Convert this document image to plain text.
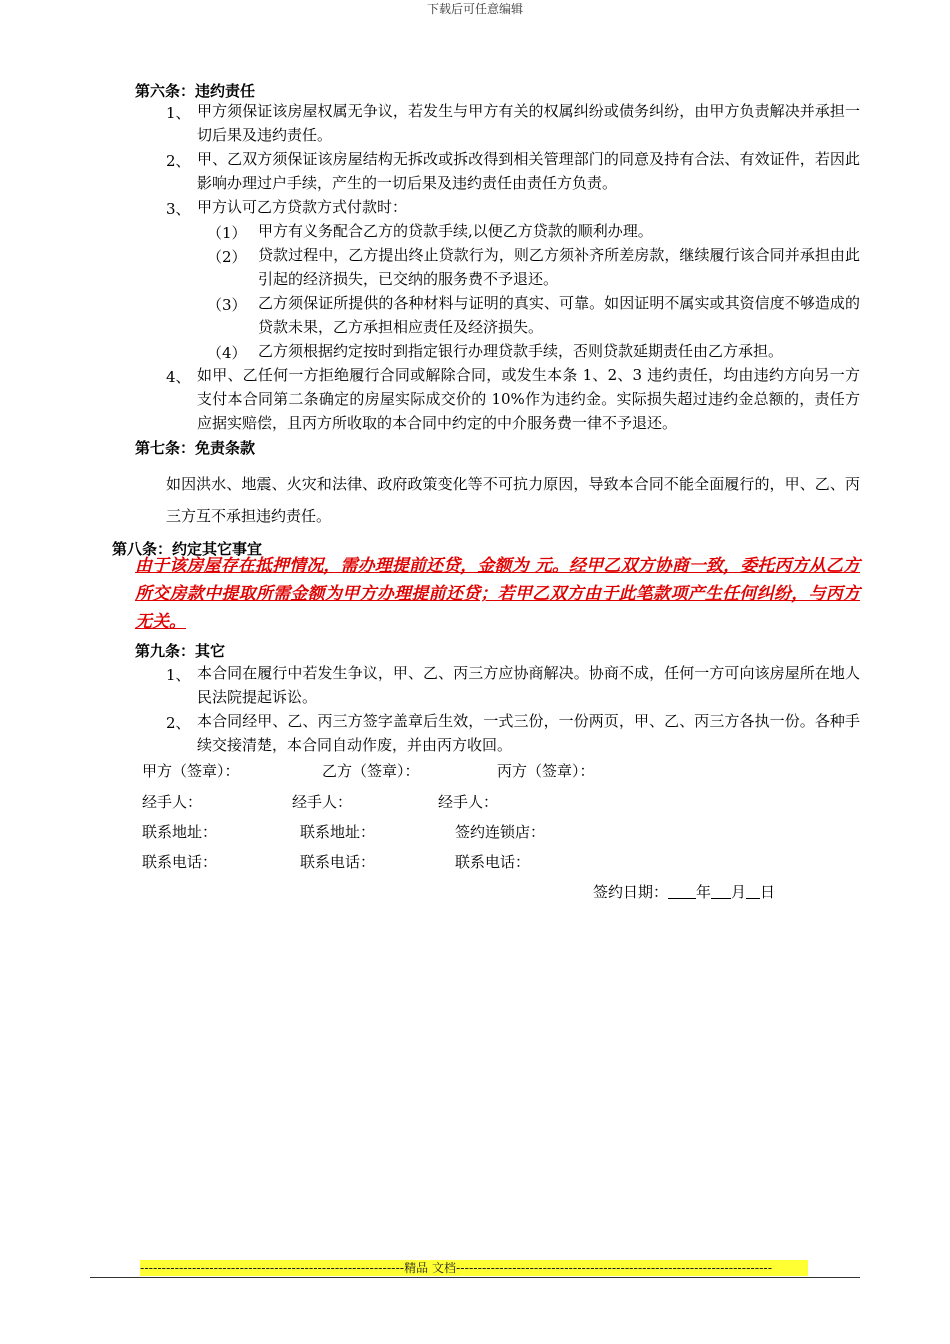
下载后可任意编辑
第六条：违约责任
1、 甲方须保证该房屋权属无争议，若发生与甲方有关的权属纠纷或债务纠纷，由甲方负责解决并承担一切后果及违约责任。
2、 甲、乙双方须保证该房屋结构无拆改或拆改得到相关管理部门的同意及持有合法、有效证件，若因此影响办理过户手续，产生的一切后果及违约责任由责任方负责。
3、 甲方认可乙方贷款方式付款时：
（1） 甲方有义务配合乙方的贷款手续,以便乙方贷款的顺利办理。
（2） 贷款过程中，乙方提出终止贷款行为，则乙方须补齐所差房款，继续履行该合同并承担由此引起的经济损失，已交纳的服务费不予退还。
（3） 乙方须保证所提供的各种材料与证明的真实、可靠。如因证明不属实或其资信度不够造成的贷款未果，乙方承担相应责任及经济损失。
（4） 乙方须根据约定按时到指定银行办理贷款手续，否则贷款延期责任由乙方承担。
4、 如甲、乙任何一方拒绝履行合同或解除合同，或发生本条 1、2、3 违约责任，均由违约方向另一方支付本合同第二条确定的房屋实际成交价的 10%作为违约金。实际损失超过违约金总额的，责任方应据实赔偿，且丙方所收取的本合同中约定的中介服务费一律不予退还。
第七条：免责条款
如因洪水、地震、火灾和法律、政府政策变化等不可抗力原因，导致本合同不能全面履行的，甲、乙、丙三方互不承担违约责任。
第八条：约定其它事宜
由于该房屋存在抵押情况，需办理提前还贷，金额为 元。经甲乙双方协商一致，委托丙方从乙方所交房款中提取所需金额为甲方办理提前还贷；若甲乙双方由于此笔款项产生任何纠纷，与丙方无关。
第九条：其它
1、 本合同在履行中若发生争议，甲、乙、丙三方应协商解决。协商不成，任何一方可向该房屋所在地人民法院提起诉讼。
2、 本合同经甲、乙、丙三方签字盖章后生效，一式三份，一份两页，甲、乙、丙三方各执一份。各种手续交接清楚，本合同自动作废，并由丙方收回。
甲方（签章）：	乙方（签章）：	丙方（签章）：
经手人：	经手人：	经手人：
联系地址：	联系地址：	签约连锁店：
联系电话：	联系电话：	联系电话：
签约日期： 年 月 日
-------------------------------------------------------------精品 文档-------------------------------------------------------------------------
